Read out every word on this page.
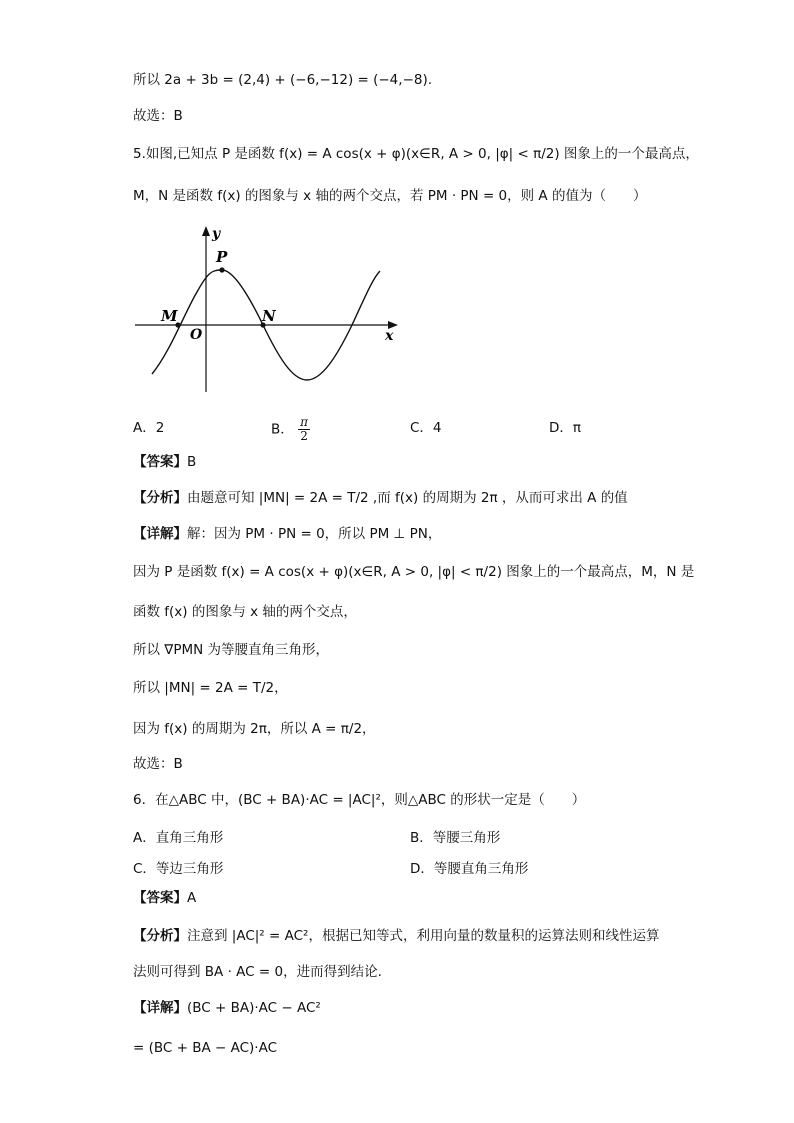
所以 2a + 3b = (2,4) + (−6,−12) = (−4,−8).
故选：B
5.如图,已知点 P 是函数 f(x) = A cos(x + φ)(x∈R, A > 0, |φ| < π/2) 图象上的一个最高点，
M，N 是函数 f(x) 的图象与 x 轴的两个交点，若 PM · PN = 0，则 A 的值为（　　）
y
x
P
M	N
O
A．2	B． $\frac{\pi}{2}$	C．4	D．π
【答案】B
【分析】由题意可知 |MN| = 2A = T/2 ,而 f(x) 的周期为 2π ，从而可求出 A 的值
【详解】解：因为 PM · PN = 0，所以 PM ⊥ PN，
因为 P 是函数 f(x) = A cos(x + φ)(x∈R, A > 0, |φ| < π/2) 图象上的一个最高点，M，N 是
函数 f(x) 的图象与 x 轴的两个交点，
所以 ∇PMN 为等腰直角三角形，
所以 |MN| = 2A = T/2，
因为 f(x) 的周期为 2π，所以 A = π/2，
故选：B
6．在△ABC 中，(BC + BA)·AC = |AC|²，则△ABC 的形状一定是（　　）
A．直角三角形	B．等腰三角形
C．等边三角形	D．等腰直角三角形
【答案】A
【分析】注意到 |AC|² = AC²，根据已知等式，利用向量的数量积的运算法则和线性运算
法则可得到 BA · AC = 0，进而得到结论.
【详解】(BC + BA)·AC − AC²
= (BC + BA − AC)·AC
